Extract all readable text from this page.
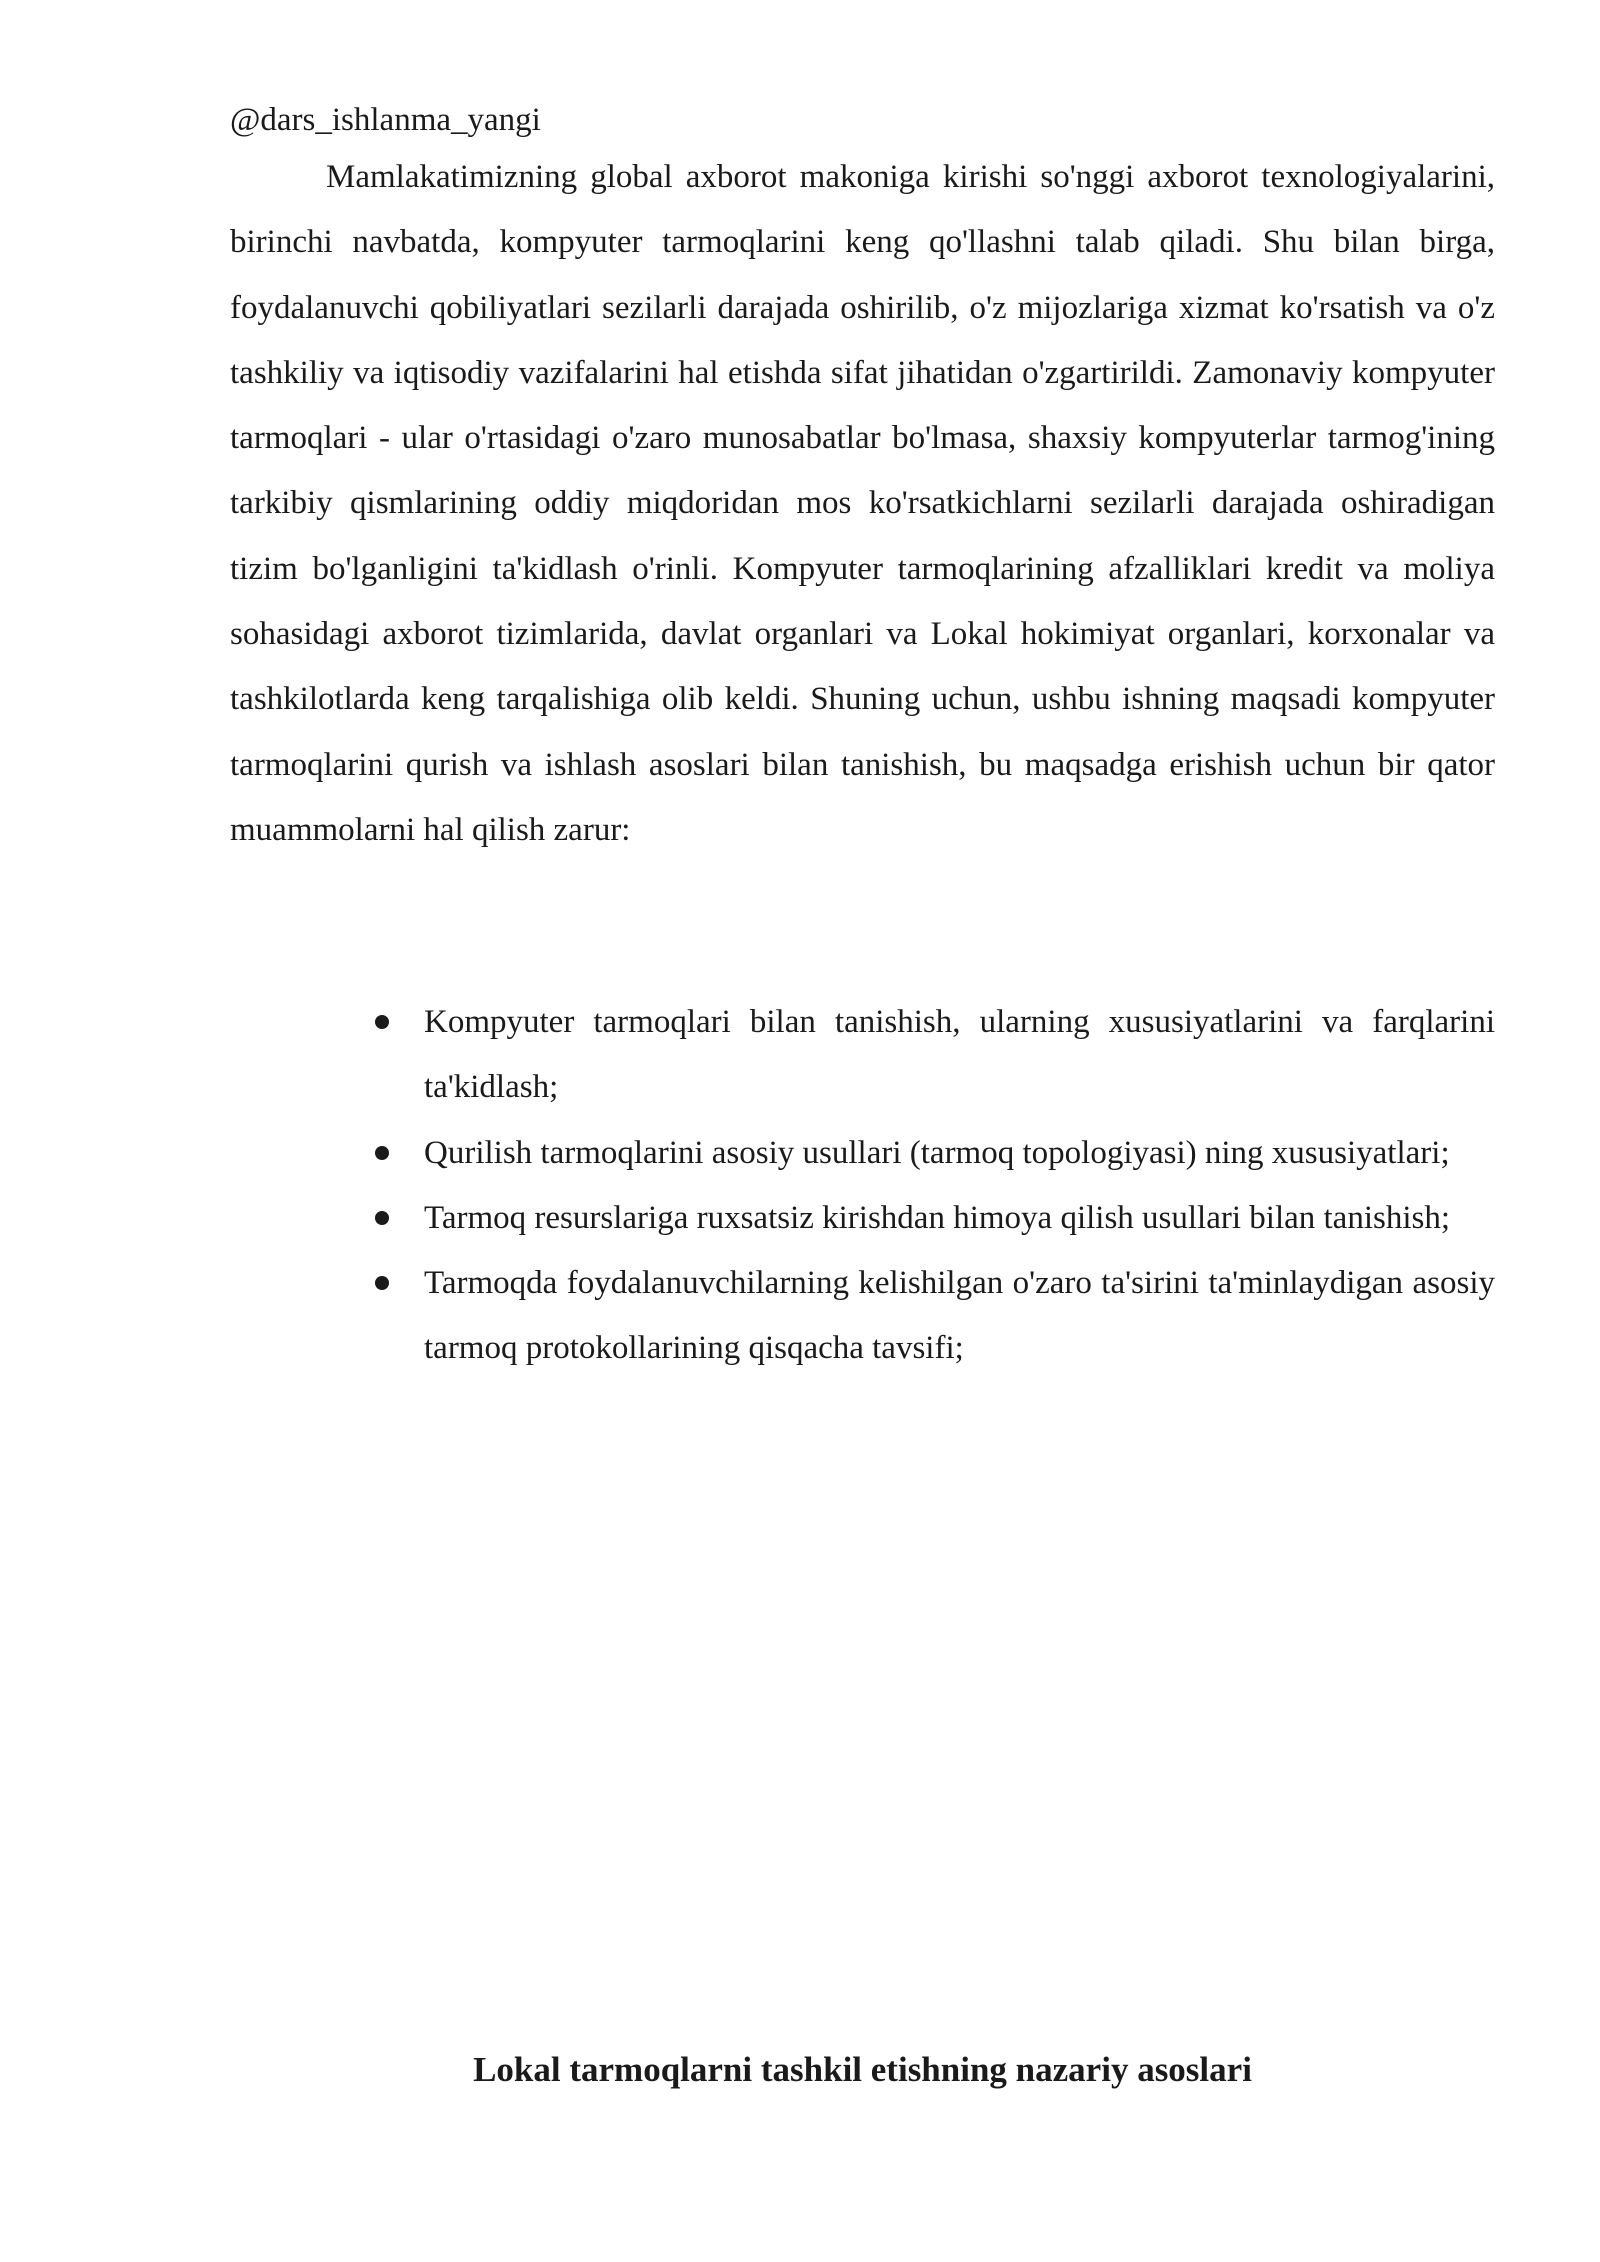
@dars_ishlanma_yangi

Mamlakatimizning global axborot makoniga kirishi so'nggi axborot texnologiyalarini, birinchi navbatda, kompyuter tarmoqlarini keng qo'llashni talab qiladi. Shu bilan birga, foydalanuvchi qobiliyatlari sezilarli darajada oshirilib, o'z mijozlariga xizmat ko'rsatish va o'z tashkiliy va iqtisodiy vazifalarini hal etishda sifat jihatidan o'zgartirildi. Zamonaviy kompyuter tarmoqlari - ular o'rtasidagi o'zaro munosabatlar bo'lmasa, shaxsiy kompyuterlar tarmog'ining tarkibiy qismlarining oddiy miqdoridan mos ko'rsatkichlarni sezilarli darajada oshiradigan tizim bo'lganligini ta'kidlash o'rinli. Kompyuter tarmoqlarining afzalliklari kredit va moliya sohasidagi axborot tizimlarida, davlat organlari va Lokal hokimiyat organlari, korxonalar va tashkilotlarda keng tarqalishiga olib keldi. Shuning uchun, ushbu ishning maqsadi kompyuter tarmoqlarini qurish va ishlash asoslari bilan tanishish, bu maqsadga erishish uchun bir qator muammolarni hal qilish zarur:

Kompyuter tarmoqlari bilan tanishish, ularning xususiyatlarini va farqlarini ta'kidlash;
Qurilish tarmoqlarini asosiy usullari (tarmoq topologiyasi) ning xususiyatlari;
Tarmoq resurslariga ruxsatsiz kirishdan himoya qilish usullari bilan tanishish;
Tarmoqda foydalanuvchilarning kelishilgan o'zaro ta'sirini ta'minlaydigan asosiy tarmoq protokollarining qisqacha tavsifi;
Lokal tarmoqlarni tashkil etishning nazariy asoslari
